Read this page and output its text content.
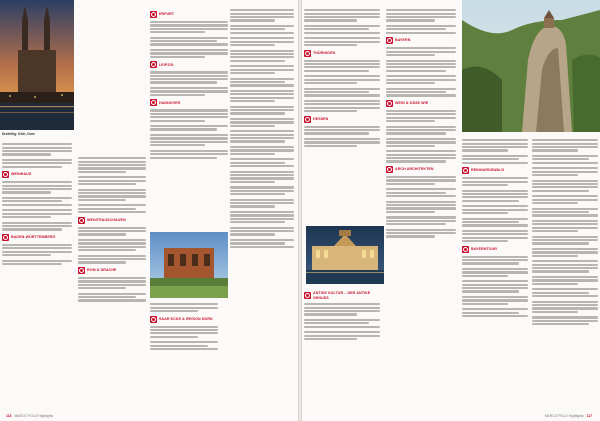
Dreiteilig: Köln, Dom
WEINHAUS
BADEN-WÜRTTEMBERG
WEINTRAUSCHAUEN
ROM & DRACHE
ERFURT
LEIPZIG
HANNOVER
SAAR ECKE & REGION NORD
116 MARCO POLO Highlights
THÜRINGEN
HESSEN
ANTIKE KULTUR – DER ANTIKE GENUSS
BAYERN
WEIN & KÄSE WIE
ARCH ARCHITEKTEN	REINHARDSWALD
BAYERNTOUR
MARCO POLO Highlights 117
